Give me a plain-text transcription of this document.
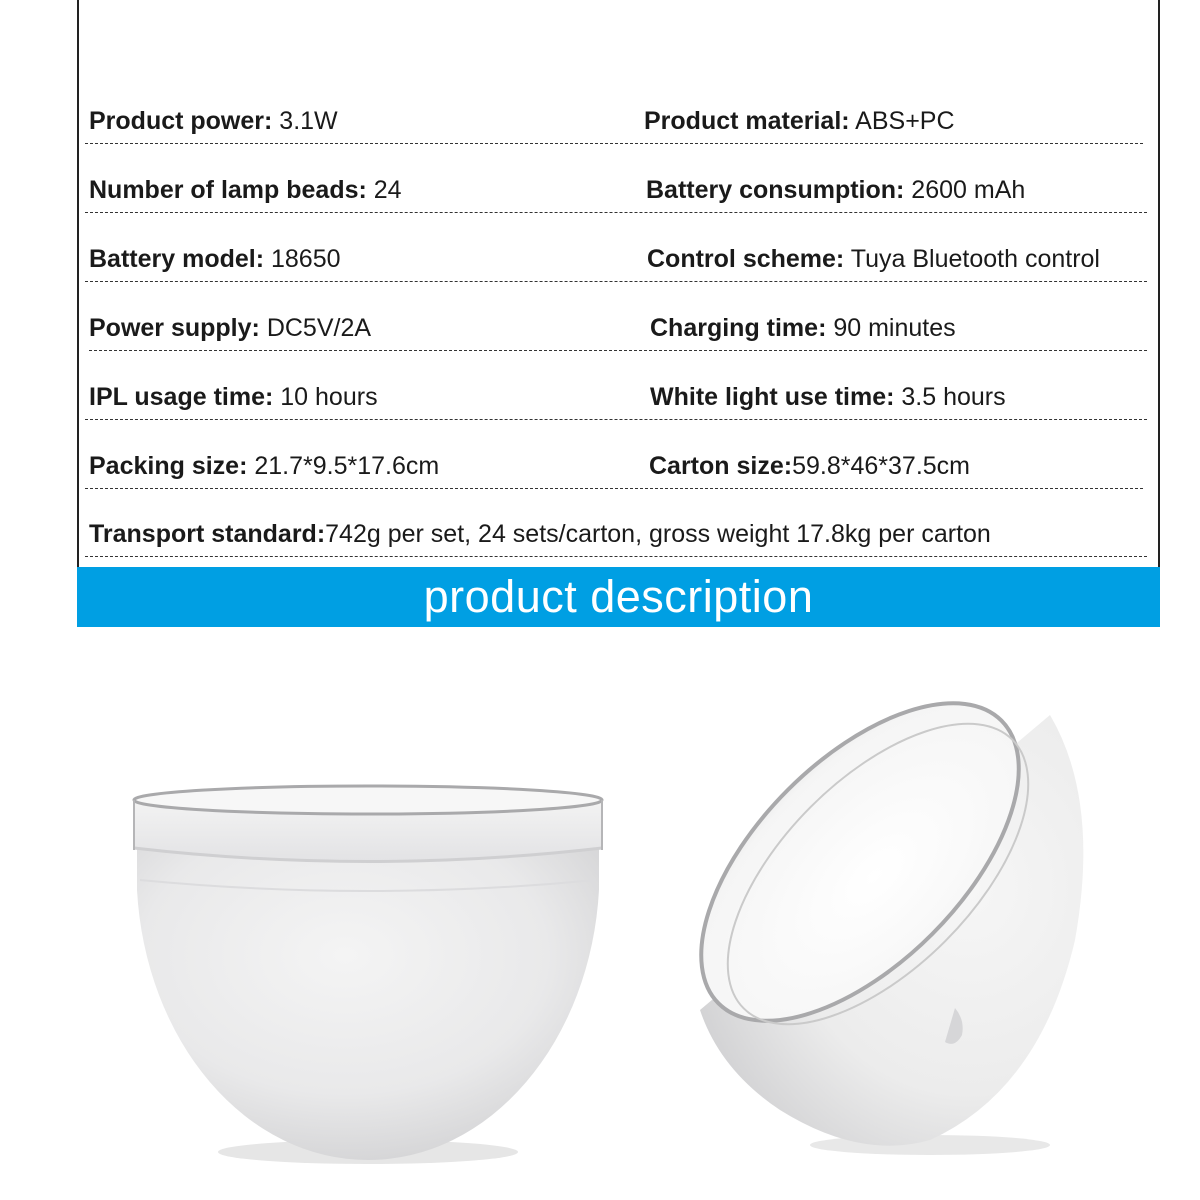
Product power: 3.1W	Product material: ABS+PC
Number of lamp beads: 24	Battery consumption: 2600 mAh
Battery model: 18650	Control scheme: Tuya Bluetooth control
Power supply: DC5V/2A	Charging time: 90 minutes
IPL usage time: 10 hours	White light use time: 3.5 hours
Packing size: 21.7*9.5*17.6cm	Carton size:59.8*46*37.5cm
Transport standard:742g per set, 24 sets/carton, gross weight 17.8kg per carton
product description
